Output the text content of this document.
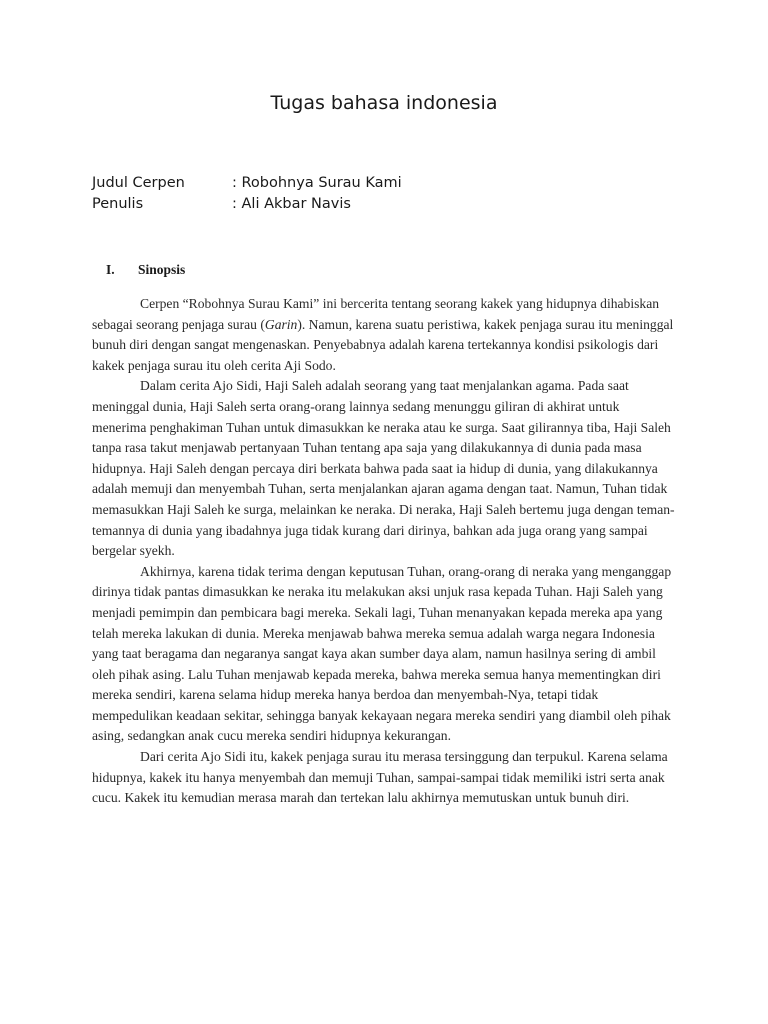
Tugas bahasa indonesia
Judul Cerpen	: Robohnya Surau Kami
Penulis	: Ali Akbar Navis
I.	Sinopsis

Cerpen “Robohnya Surau Kami” ini bercerita tentang seorang kakek yang hidupnya dihabiskan sebagai seorang penjaga surau (Garin). Namun, karena suatu peristiwa, kakek penjaga surau itu meninggal bunuh diri dengan sangat mengenaskan. Penyebabnya adalah karena tertekannya kondisi psikologis dari kakek penjaga surau itu oleh cerita Aji Sodo.

Dalam cerita Ajo Sidi, Haji Saleh adalah seorang yang taat menjalankan agama. Pada saat meninggal dunia, Haji Saleh serta orang-orang lainnya sedang menunggu giliran di akhirat untuk menerima penghakiman Tuhan untuk dimasukkan ke neraka atau ke surga. Saat gilirannya tiba, Haji Saleh tanpa rasa takut menjawab pertanyaan Tuhan tentang apa saja yang dilakukannya di dunia pada masa hidupnya. Haji Saleh dengan percaya diri berkata bahwa pada saat ia hidup di dunia, yang dilakukannya adalah memuji dan menyembah Tuhan, serta menjalankan ajaran agama dengan taat. Namun, Tuhan tidak memasukkan Haji Saleh ke surga, melainkan ke neraka. Di neraka, Haji Saleh bertemu juga dengan teman-temannya di dunia yang ibadahnya juga tidak kurang dari dirinya, bahkan ada juga orang yang sampai bergelar syekh.

Akhirnya, karena tidak terima dengan keputusan Tuhan, orang-orang di neraka yang menganggap dirinya tidak pantas dimasukkan ke neraka itu melakukan aksi unjuk rasa kepada Tuhan. Haji Saleh yang menjadi pemimpin dan pembicara bagi mereka. Sekali lagi, Tuhan menanyakan kepada mereka apa yang telah mereka lakukan di dunia. Mereka menjawab bahwa mereka semua adalah warga negara Indonesia yang taat beragama dan negaranya sangat kaya akan sumber daya alam, namun hasilnya sering di ambil oleh pihak asing. Lalu Tuhan menjawab kepada mereka, bahwa mereka semua hanya mementingkan diri mereka sendiri, karena selama hidup mereka hanya berdoa dan menyembah-Nya, tetapi tidak mempedulikan keadaan sekitar, sehingga banyak kekayaan negara mereka sendiri yang diambil oleh pihak asing, sedangkan anak cucu mereka sendiri hidupnya kekurangan.

Dari cerita Ajo Sidi itu, kakek penjaga surau itu merasa tersinggung dan terpukul. Karena selama hidupnya, kakek itu hanya menyembah dan memuji Tuhan, sampai-sampai tidak memiliki istri serta anak cucu. Kakek itu kemudian merasa marah dan tertekan lalu akhirnya memutuskan untuk bunuh diri.
